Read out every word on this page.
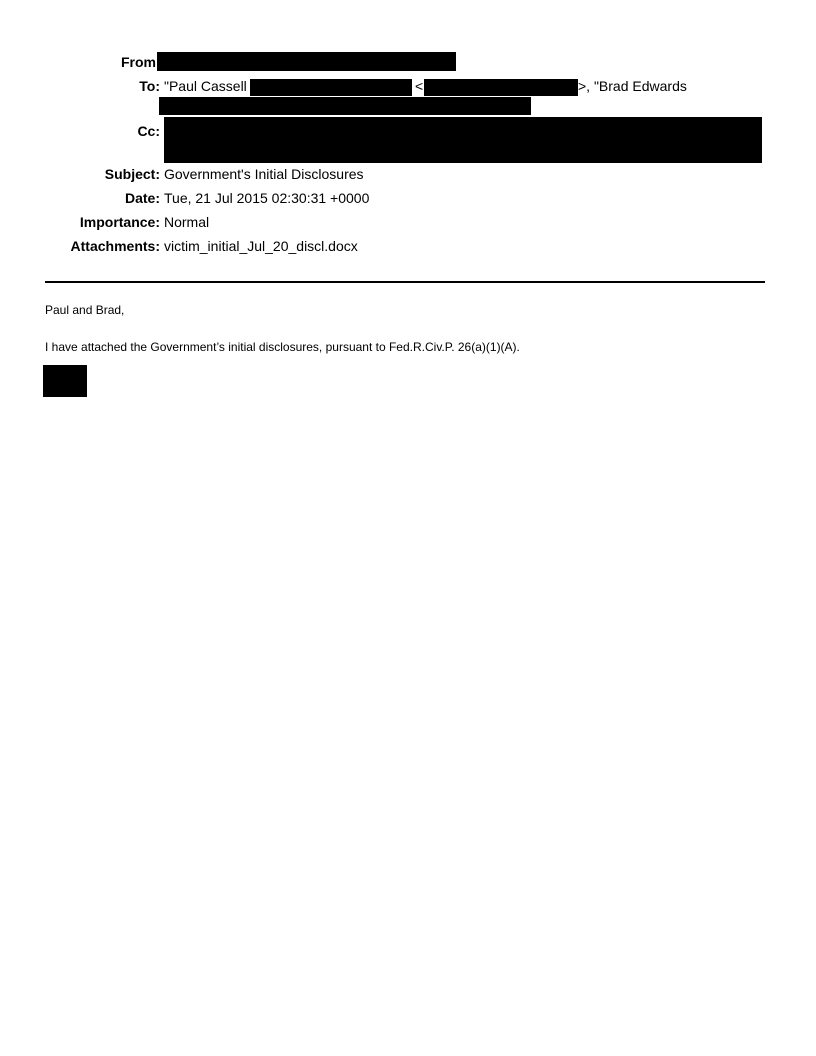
From
To: "Paul Cassell	<	>, "Brad Edwards
Cc:
Subject: Government's Initial Disclosures
Date: Tue, 21 Jul 2015 02:30:31 +0000
Importance: Normal
Attachments: victim_initial_Jul_20_discl.docx
Paul and Brad,
I have attached the Government’s initial disclosures, pursuant to Fed.R.Civ.P. 26(a)(1)(A).
